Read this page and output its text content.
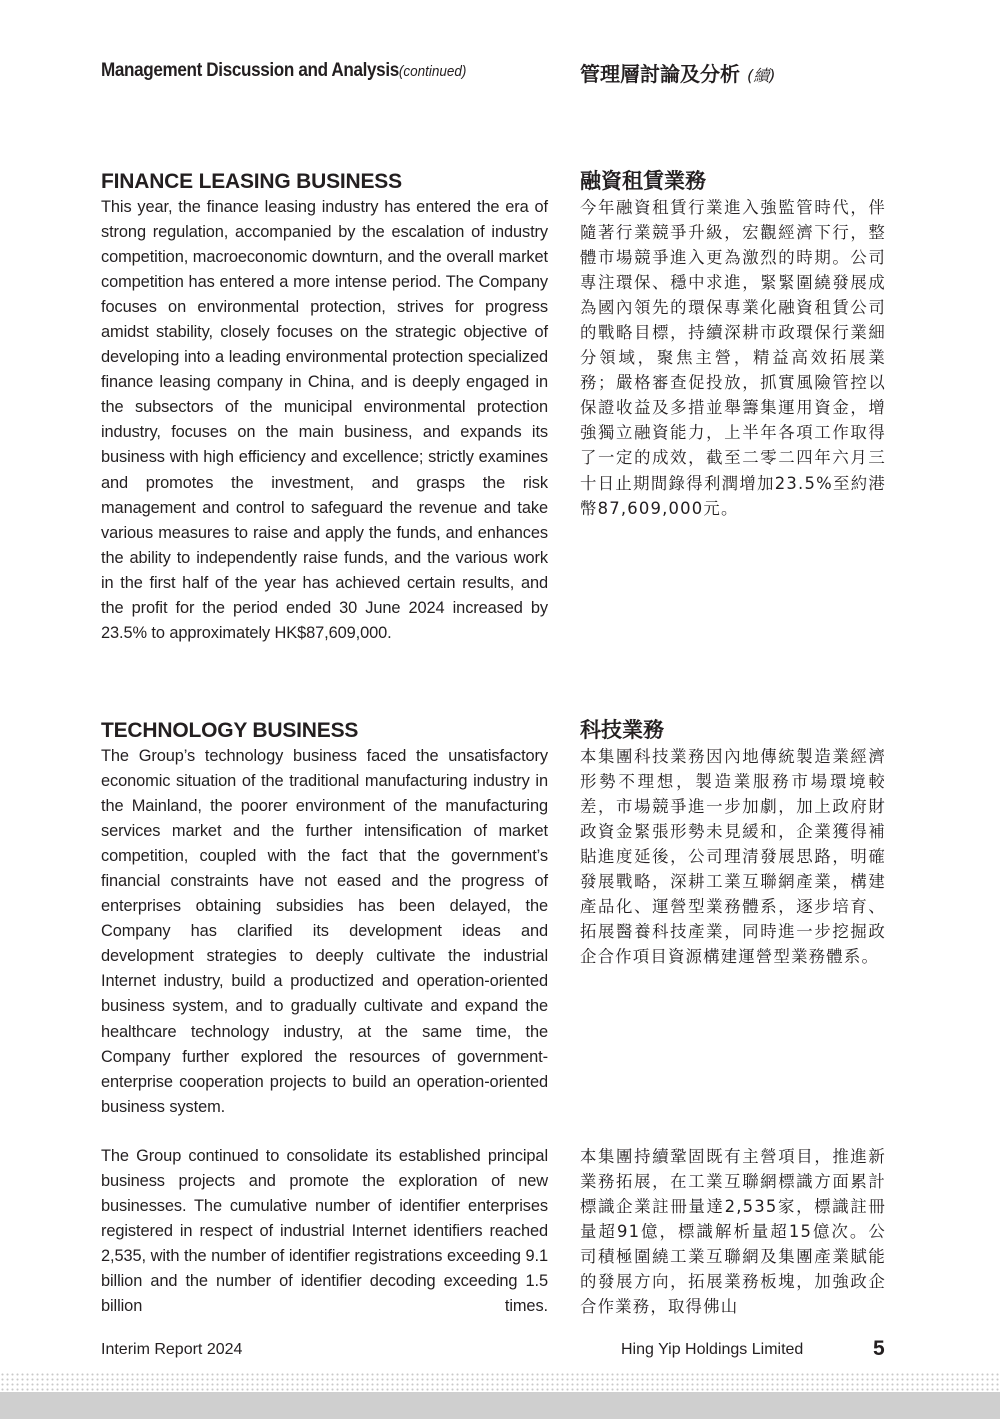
Management Discussion and Analysis(continued)	管理層討論及分析 (續)
FINANCE LEASING BUSINESS

This year, the finance leasing industry has entered the era of strong regulation, accompanied by the escalation of industry competition, macroeconomic downturn, and the overall market competition has entered a more intense period. The Company focuses on environmental protection, strives for progress amidst stability, closely focuses on the strategic objective of developing into a leading environmental protection specialized finance leasing company in China, and is deeply engaged in the subsectors of the municipal environmental protection industry, focuses on the main business, and expands its business with high efficiency and excellence; strictly examines and promotes the investment, and grasps the risk management and control to safeguard the revenue and take various measures to raise and apply the funds, and enhances the ability to independently raise funds, and the various work in the first half of the year has achieved certain results, and the profit for the period ended 30 June 2024 increased by 23.5% to approximately HK$87,609,000.

融資租賃業務

今年融資租賃行業進入強監管時代，伴隨著行業競爭升級，宏觀經濟下行，整體市場競爭進入更為激烈的時期。公司專注環保、穩中求進，緊緊圍繞發展成為國內領先的環保專業化融資租賃公司的戰略目標，持續深耕市政環保行業細分領域，聚焦主營，精益高效拓展業務；嚴格審查促投放，抓實風險管控以保證收益及多措並舉籌集運用資金，增強獨立融資能力，上半年各項工作取得了一定的成效，截至二零二四年六月三十日止期間錄得利潤增加23.5%至約港幣87,609,000元。

TECHNOLOGY BUSINESS

The Group’s technology business faced the unsatisfactory economic situation of the traditional manufacturing industry in the Mainland, the poorer environment of the manufacturing services market and the further intensification of market competition, coupled with the fact that the government’s financial constraints have not eased and the progress of enterprises obtaining subsidies has been delayed, the Company has clarified its development ideas and development strategies to deeply cultivate the industrial Internet industry, build a productized and operation-oriented business system, and to gradually cultivate and expand the healthcare technology industry, at the same time, the Company further explored the resources of government-enterprise cooperation projects to build an operation-oriented business system.

科技業務

本集團科技業務因內地傳統製造業經濟形勢不理想，製造業服務市場環境較差，市場競爭進一步加劇，加上政府財政資金緊張形勢未見緩和，企業獲得補貼進度延後，公司理清發展思路，明確發展戰略，深耕工業互聯網產業，構建產品化、運營型業務體系，逐步培育、拓展醫養科技產業，同時進一步挖掘政企合作項目資源構建運營型業務體系。

The Group continued to consolidate its established principal business projects and promote the exploration of new businesses. The cumulative number of identifier enterprises registered in respect of industrial Internet identifiers reached 2,535, with the number of identifier registrations exceeding 9.1 billion and the number of identifier decoding exceeding 1.5 billion times.

本集團持續鞏固既有主營項目，推進新業務拓展，在工業互聯網標識方面累計標識企業註冊量達2,535家，標識註冊量超91億，標識解析量超15億次。公司積極圍繞工業互聯網及集團產業賦能的發展方向，拓展業務板塊，加強政企合作業務，取得佛山

Interim Report 2024	Hing Yip Holdings Limited	5
